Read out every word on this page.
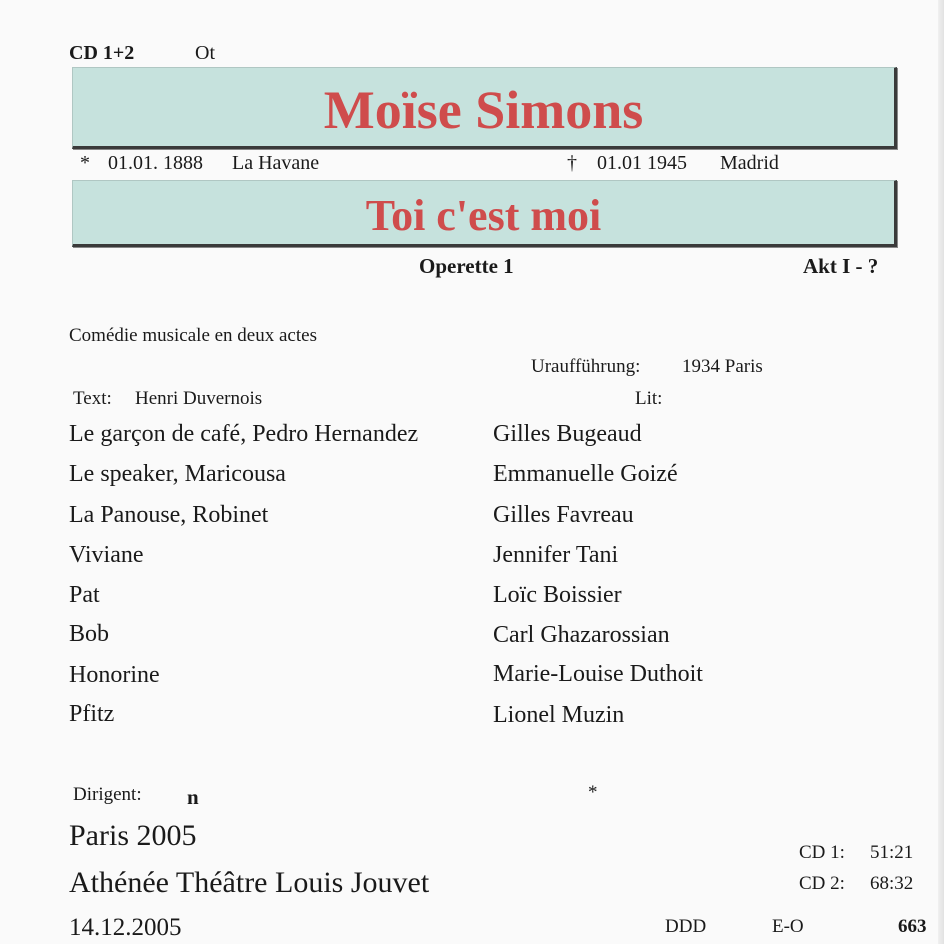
CD 1+2	Ot
Moïse Simons
* 01.01. 1888 La Havane	† 01.01 1945 Madrid
Toi c'est moi
Operette 1	Akt I - ?
Comédie musicale en deux actes
Uraufführung: 1934 Paris
Text: Henri Duvernois	Lit:
Le garçon de café, Pedro Hernandez	Gilles Bugeaud
Le speaker, Maricousa	Emmanuelle Goizé
La Panouse, Robinet	Gilles Favreau
Viviane	Jennifer Tani
Pat	Loïc Boissier
Bob	Carl Ghazarossian
Honorine	Marie-Louise Duthoit
Pfitz	Lionel Muzin
Dirigent: n	*
Paris 2005
Athénée Théâtre Louis Jouvet
14.12.2005
CD 1: 51:21
CD 2: 68:32
DDD	E-O	663
